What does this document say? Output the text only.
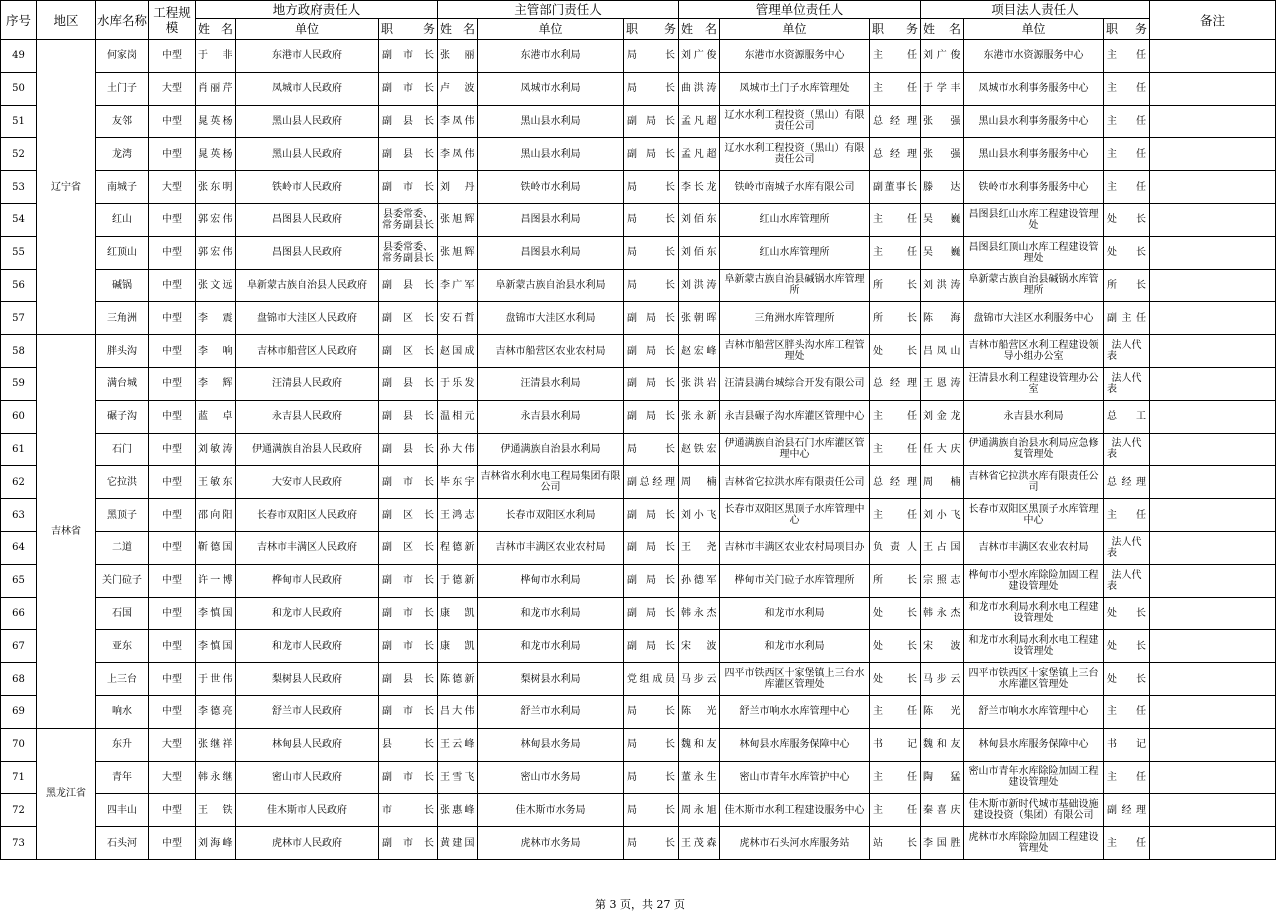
序号	地区	水库名称	工程规模	地方政府责任人			主管部门责任人			管理单位责任人			项目法人责任人			备注
				姓名	单位	职务	姓名	单位	职务	姓名	单位	职务	姓名	单位	职务	
49	辽宁省	何家岗	中型	于非	东港市人民政府	副市长	张丽	东港市水利局	局长	刘广俊	东港市水资源服务中心	主任	刘广俊	东港市水资源服务中心	主任	
50		土门子	大型	肖丽芹	凤城市人民政府	副市长	卢波	凤城市水利局	局长	曲洪涛	凤城市土门子水库管理处	主任	于学丰	凤城市水利事务服务中心	主任	
51		友邻	中型	晁英杨	黑山县人民政府	副县长	李凤伟	黑山县水利局	副局长	孟凡超	辽水水利工程投资（黑山）有限责任公司	总经理	张强	黑山县水利事务服务中心	主任	
52		龙湾	中型	晁英杨	黑山县人民政府	副县长	李凤伟	黑山县水利局	副局长	孟凡超	辽水水利工程投资（黑山）有限责任公司	总经理	张强	黑山县水利事务服务中心	主任	
53		南城子	大型	张东明	铁岭市人民政府	副市长	刘丹	铁岭市水利局	局长	李长龙	铁岭市南城子水库有限公司	副董事长	滕达	铁岭市水利事务服务中心	主任	
54		红山	中型	郭宏伟	昌图县人民政府	县委常委、常务副县长	张旭辉	昌图县水利局	局长	刘佰东	红山水库管理所	主任	吴巍	昌图县红山水库工程建设管理处	处长	
55		红顶山	中型	郭宏伟	昌图县人民政府	县委常委、常务副县长	张旭辉	昌图县水利局	局长	刘佰东	红山水库管理所	主任	吴巍	昌图县红顶山水库工程建设管理处	处长	
56		碱锅	中型	张文远	阜新蒙古族自治县人民政府	副县长	李广军	阜新蒙古族自治县水利局	局长	刘洪涛	阜新蒙古族自治县碱锅水库管理所	所长	刘洪涛	阜新蒙古族自治县碱锅水库管理所	所长	
57		三角洲	中型	李震	盘锦市大洼区人民政府	副区长	安石哲	盘锦市大洼区水利局	副局长	张朝晖	三角洲水库管理所	所长	陈海	盘锦市大洼区水利服务中心	副主任	
58	吉林省	胖头沟	中型	李响	吉林市船营区人民政府	副区长	赵国成	吉林市船营区农业农村局	副局长	赵宏峰	吉林市船营区胖头沟水库工程管理处	处长	吕凤山	吉林市船营区水利工程建设领导小组办公室	法人代表	
59		满台城	中型	李辉	汪清县人民政府	副县长	于乐发	汪清县水利局	副局长	张洪岩	汪清县满台城综合开发有限公司	总经理	王恩涛	汪清县水利工程建设管理办公室	法人代表	
60		碾子沟	中型	蓝卓	永吉县人民政府	副县长	温相元	永吉县水利局	副局长	张永新	永吉县碾子沟水库灌区管理中心	主任	刘金龙	永吉县水利局	总工	
61		石门	中型	刘敏涛	伊通满族自治县人民政府	副县长	孙大伟	伊通满族自治县水利局	局长	赵铁宏	伊通满族自治县石门水库灌区管理中心	主任	任大庆	伊通满族自治县水利局应急修复管理处	法人代表	
62		它拉洪	中型	王敏东	大安市人民政府	副市长	毕东宇	吉林省水利水电工程局集团有限公司	副总经理	周楠	吉林省它拉洪水库有限责任公司	总经理	周楠	吉林省它拉洪水库有限责任公司	总经理	
63		黑顶子	中型	邵向阳	长春市双阳区人民政府	副区长	王鸿志	长春市双阳区水利局	副局长	刘小飞	长春市双阳区黑顶子水库管理中心	主任	刘小飞	长春市双阳区黑顶子水库管理中心	主任	
64		二道	中型	靳德国	吉林市丰满区人民政府	副区长	程德新	吉林市丰满区农业农村局	副局长	王尧	吉林市丰满区农业农村局项目办	负责人	王占国	吉林市丰满区农业农村局	法人代表	
65		关门砬子	中型	许一博	桦甸市人民政府	副市长	于德新	桦甸市水利局	副局长	孙德军	桦甸市关门砬子水库管理所	所长	宗照志	桦甸市小型水库除险加固工程建设管理处	法人代表	
66		石国	中型	李慎国	和龙市人民政府	副市长	康凯	和龙市水利局	副局长	韩永杰	和龙市水利局	处长	韩永杰	和龙市水利局水利水电工程建设管理处	处长	
67		亚东	中型	李慎国	和龙市人民政府	副市长	康凯	和龙市水利局	副局长	宋波	和龙市水利局	处长	宋波	和龙市水利局水利水电工程建设管理处	处长	
68		上三台	中型	于世伟	梨树县人民政府	副县长	陈德新	梨树县水利局	党组成员	马步云	四平市铁西区十家堡镇上三台水库灌区管理处	处长	马步云	四平市铁西区十家堡镇上三台水库灌区管理处	处长	
69		响水	中型	李德亮	舒兰市人民政府	副市长	吕大伟	舒兰市水利局	局长	陈光	舒兰市响水水库管理中心	主任	陈光	舒兰市响水水库管理中心	主任	
70	黑龙江省	东升	大型	张继祥	林甸县人民政府	县长	王云峰	林甸县水务局	局长	魏和友	林甸县水库服务保障中心	书记	魏和友	林甸县水库服务保障中心	书记	
71		青年	大型	韩永继	密山市人民政府	副市长	王雪飞	密山市水务局	局长	董永生	密山市青年水库管护中心	主任	陶猛	密山市青年水库除险加固工程建设管理处	主任	
72		四丰山	中型	王铁	佳木斯市人民政府	市长	张惠峰	佳木斯市水务局	局长	周永旭	佳木斯市水利工程建设服务中心	主任	秦喜庆	佳木斯市新时代城市基础设施建设投资（集团）有限公司	副经理	
73		石头河	中型	刘海峰	虎林市人民政府	副市长	黄建国	虎林市水务局	局长	王茂森	虎林市石头河水库服务站	站长	李国胜	虎林市水库除险加固工程建设管理处	主任	
第 3 页，共 27 页
